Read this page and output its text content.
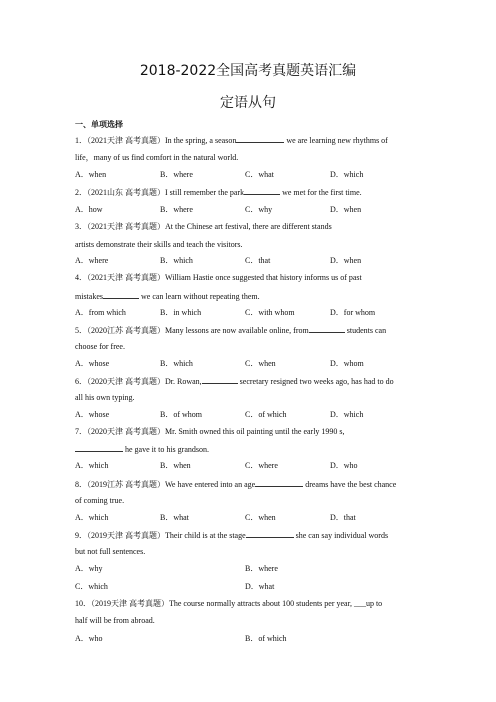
2018-2022全国高考真题英语汇编
定语从句
一、单项选择
1．（2021天津 高考真题）In the spring, a season	we are learning new rhythms of
life，many of us find comfort in the natural world.
A．when	B．where	C．what	D．which
2．（2021山东 高考真题）I still remember the park	we met for the first time.
A．how	B．where	C．why	D．when
3．（2021天津 高考真题）At the Chinese art festival, there are different stands
artists demonstrate their skills and teach the visitors.
A．where	B．which	C．that	D．when
4．（2021天津 高考真题）William Hastie once suggested that history informs us of past
mistakes	we can learn without repeating them.
A．from which	B．in which	C．with whom	D．for whom
5．（2020江苏 高考真题）Many lessons are now available online, from	students can
choose for free.
A．whose	B．which	C．when	D．whom
6．（2020天津 高考真题）Dr. Rowan,	secretary resigned two weeks ago, has had to do
all his own typing.
A．whose	B．of whom	C．of which	D．which
7．（2020天津 高考真题）Mr. Smith owned this oil painting until the early 1990 s,
he gave it to his grandson.
A．which	B．when	C．where	D．who
8．（2019江苏 高考真题）We have entered into an age	dreams have the best chance
of coming true.
A．which	B．what	C．when	D．that
9．（2019天津 高考真题）Their child is at the stage	she can say individual words
but not full sentences.
A．why	B．where
C．which	D．what
10．（2019天津 高考真题）The course normally attracts about 100 students per year, ___up to
half will be from abroad.
A．who	B．of which
